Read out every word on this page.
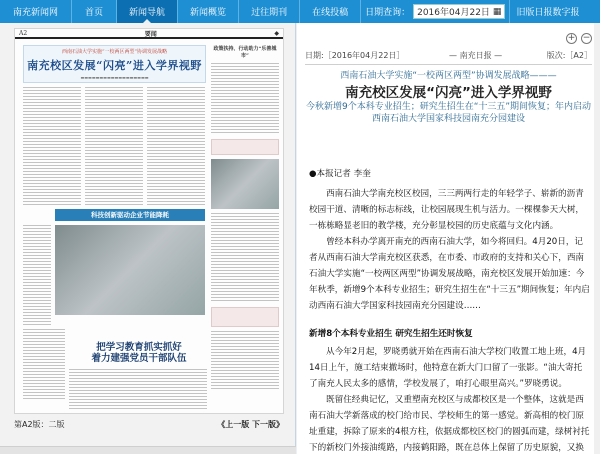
南充新闻网	首页	新闻导航	新闻概览	过往期刊	在线投稿	日期查询： 2016年04月22日 ▦	旧版日报数字报
A2	要闻	◆
西南石油大学实施“一校两区两型”协调发展战略
南充校区发展“闪亮”进入学界视野
▬▬▬▬▬▬▬▬▬▬▬▬▬▬▬▬▬▬
政策扶持、行动助力“乐善城市”
科技创新驱动企业节能降耗
把学习教育抓实抓好
着力建强党员干部队伍
第A2版：二版	《上一版 下一版》
+ −
日期:［2016年04月22日］	— 南充日报 —	版次:［A2］
西南石油大学实施“一校两区两型”协调发展战略———
南充校区发展“闪亮”进入学界视野
今秋新增9个本科专业招生；研究生招生在“十三五”期间恢复；年内启动西南石油大学国家科技园南充分园建设

●本报记者 李奎

西南石油大学南充校区校园，三三两两行走的年轻学子、崭新的沥青校园干道、清晰的标志标线，让校园展现生机与活力。一棵棵参天大树，一栋栋略显老旧的教学楼，充分彰显校园的历史底蕴与文化内涵。

曾经本科办学离开南充的西南石油大学，如今将回归。4月20日，记者从西南石油大学南充校区获悉，在市委、市政府的支持和关心下，西南石油大学实施“一校两区两型”协调发展战略，南充校区发展开始加速：今年秋季，新增9个本科专业招生；研究生招生在“十三五”期间恢复；年内启动西南石油大学国家科技园南充分园建设……

新增8个本科专业招生 研究生招生还时恢复

从今年2月起，罗晓勇就开始在西南石油大学校门收置工地上班，4月14日上午，施工结束撤场时，他特意在新大门口留了一张影。“油大寄托了南充人民太多的感情，学校发展了，咱打心眼里高兴。”罗晓勇说。

既留住经典记忆，又重塑南充校区与成都校区是一个整体，这就是西南石油大学新落成的校门给市民、学校师生的第一感觉。新高相的校门原址重建，拆除了原来的4根方柱，依据成都校区校门的圆弧而建，绿树衬托下的新校门外接油缆路，内接鹤阳路，既在总体上保留了历史原貌，又换
